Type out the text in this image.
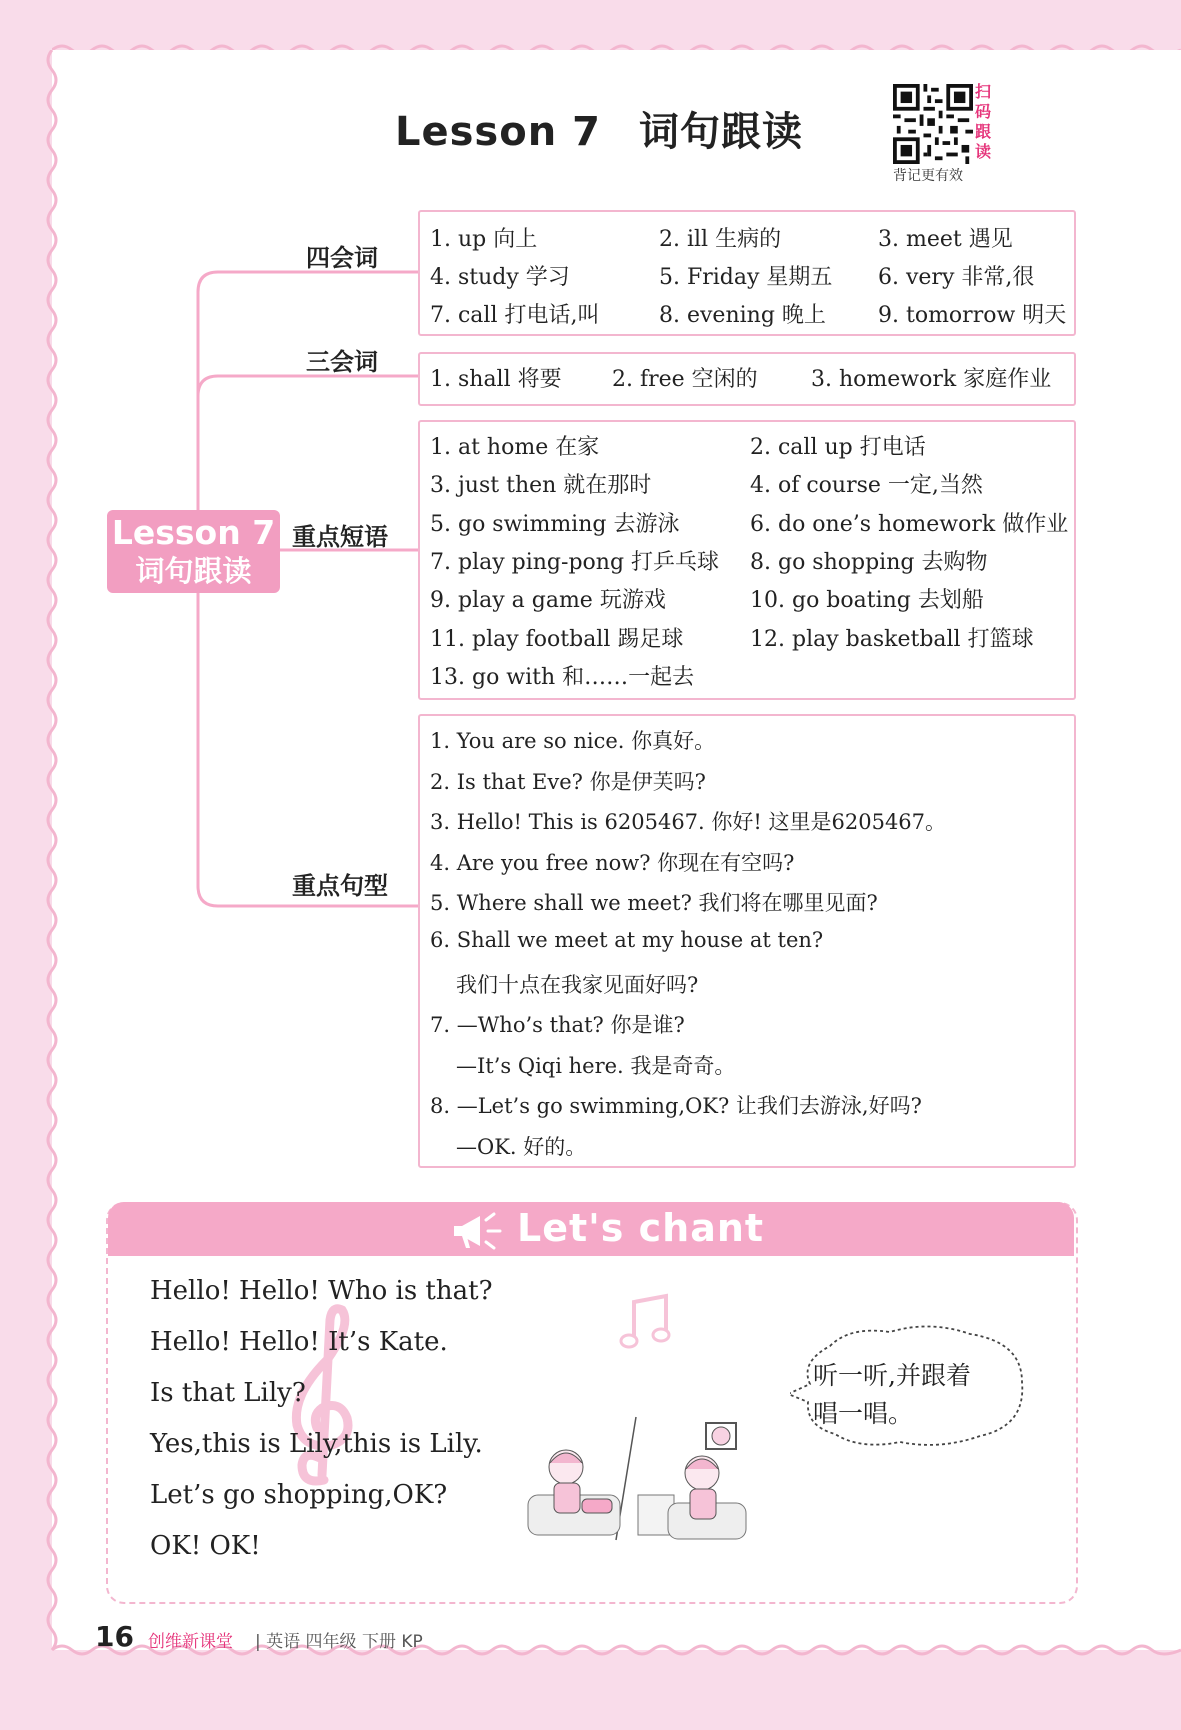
Lesson 7 词句跟读
扫码跟读
背记更有效
Lesson 7
词句跟读
四会词
三会词
重点短语
重点句型
1. up 向上	2. ill 生病的	3. meet 遇见
4. study 学习	5. Friday 星期五 6. very 非常,很
7. call 打电话,叫	8. evening 晚上 9. tomorrow 明天
1. shall 将要 2. free 空闲的 3. homework 家庭作业
1. at home 在家	2. call up 打电话
3. just then 就在那时	4. of course 一定,当然
5. go swimming 去游泳	6. do one’s homework 做作业
7. play ping-pong 打乒乓球 8. go shopping 去购物
9. play a game 玩游戏	10. go boating 去划船
11. play football 踢足球	12. play basketball 打篮球
13. go with 和……一起去
1. You are so nice. 你真好。
2. Is that Eve? 你是伊芙吗?
3. Hello! This is 6205467. 你好! 这里是6205467。
4. Are you free now? 你现在有空吗?
5. Where shall we meet? 我们将在哪里见面?
6. Shall we meet at my house at ten?
我们十点在我家见面好吗?
7. —Who’s that? 你是谁?
—It’s Qiqi here. 我是奇奇。
8. —Let’s go swimming,OK? 让我们去游泳,好吗?
—OK. 好的。
Let's chant
Hello! Hello! Who is that?
Hello! Hello! It’s Kate.
Is that Lily?
Yes,this is Lily,this is Lily.
Let’s go shopping,OK?
OK! OK!
听一听,并跟着
唱一唱。
16 创维新课堂 | 英语 四年级 下册 KP
